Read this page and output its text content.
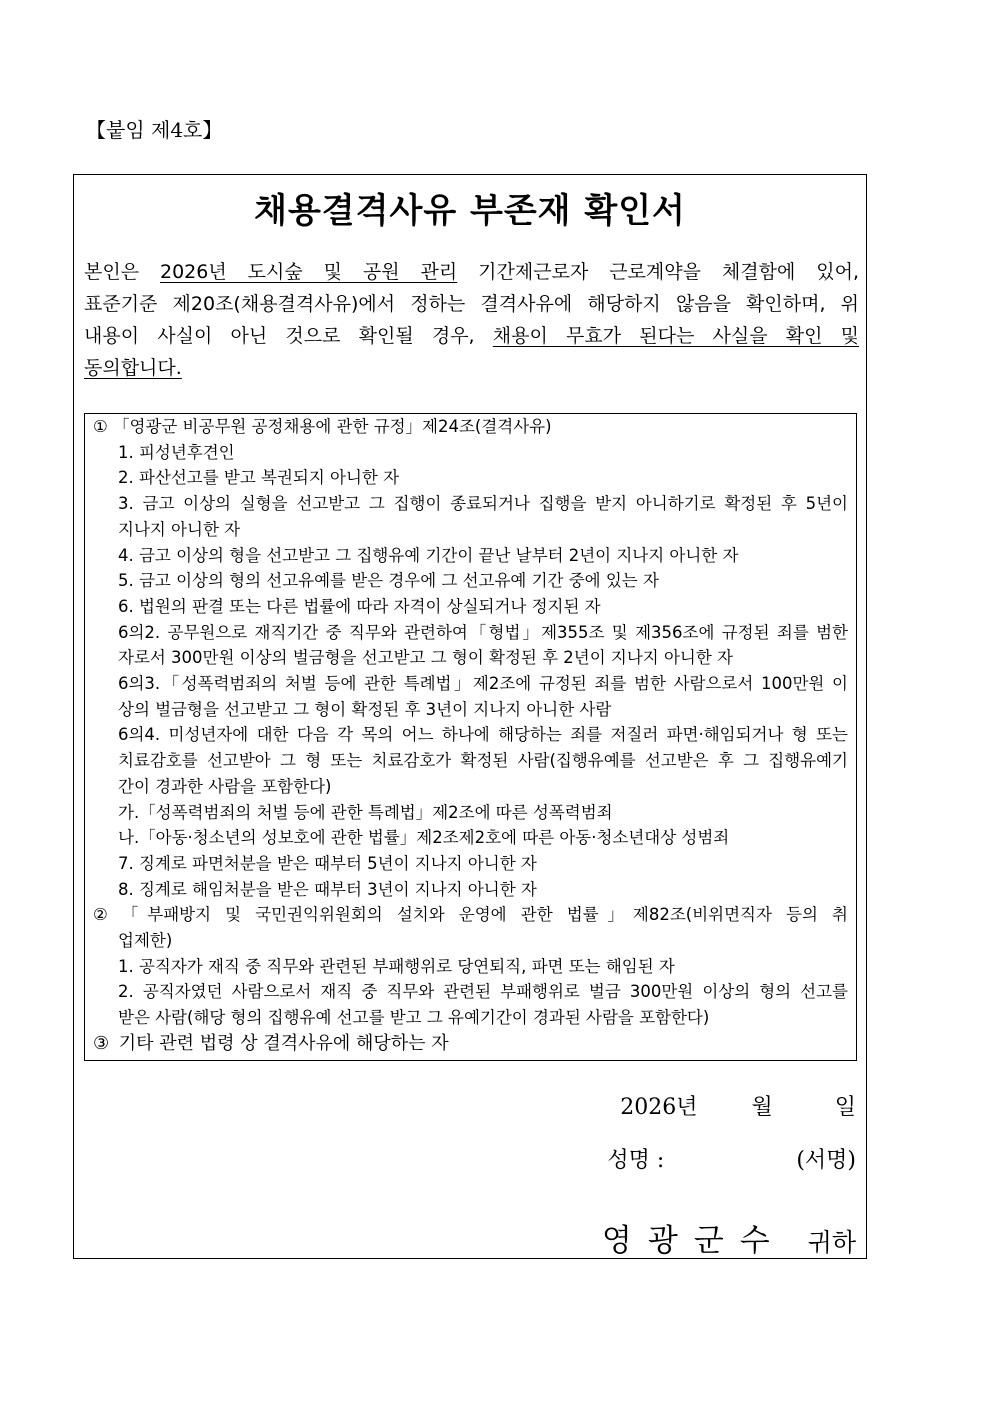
【붙임 제4호】
채용결격사유 부존재 확인서
본인은 2026년 도시숲 및 공원 관리 기간제근로자 근로계약을 체결함에 있어,
표준기준 제20조(채용결격사유)에서 정하는 결격사유에 해당하지 않음을 확인하며, 위
내용이 사실이 아닌 것으로 확인될 경우, 채용이 무효가 된다는 사실을 확인 및
동의합니다.
① 「영광군 비공무원 공정채용에 관한 규정」제24조(결격사유)
1. 피성년후견인
2. 파산선고를 받고 복권되지 아니한 자
3. 금고 이상의 실형을 선고받고 그 집행이 종료되거나 집행을 받지 아니하기로 확정된 후 5년이
지나지 아니한 자
4. 금고 이상의 형을 선고받고 그 집행유예 기간이 끝난 날부터 2년이 지나지 아니한 자
5. 금고 이상의 형의 선고유예를 받은 경우에 그 선고유예 기간 중에 있는 자
6. 법원의 판결 또는 다른 법률에 따라 자격이 상실되거나 정지된 자
6의2. 공무원으로 재직기간 중 직무와 관련하여「형법」제355조 및 제356조에 규정된 죄를 범한
자로서 300만원 이상의 벌금형을 선고받고 그 형이 확정된 후 2년이 지나지 아니한 자
6의3.「성폭력범죄의 처벌 등에 관한 특례법」제2조에 규정된 죄를 범한 사람으로서 100만원 이
상의 벌금형을 선고받고 그 형이 확정된 후 3년이 지나지 아니한 사람
6의4. 미성년자에 대한 다음 각 목의 어느 하나에 해당하는 죄를 저질러 파면·해임되거나 형 또는
치료감호를 선고받아 그 형 또는 치료감호가 확정된 사람(집행유예를 선고받은 후 그 집행유예기
간이 경과한 사람을 포함한다)
가.「성폭력범죄의 처벌 등에 관한 특례법」제2조에 따른 성폭력범죄
나.「아동·청소년의 성보호에 관한 법률」제2조제2호에 따른 아동·청소년대상 성범죄
7. 징계로 파면처분을 받은 때부터 5년이 지나지 아니한 자
8. 징계로 해임처분을 받은 때부터 3년이 지나지 아니한 자
② 「부패방지 및 국민권익위원회의 설치와 운영에 관한 법률」제82조(비위면직자 등의 취
업제한)
1. 공직자가 재직 중 직무와 관련된 부패행위로 당연퇴직, 파면 또는 해임된 자
2. 공직자였던 사람으로서 재직 중 직무와 관련된 부패행위로 벌금 300만원 이상의 형의 선고를
받은 사람(해당 형의 집행유예 선고를 받고 그 유예기간이 경과된 사람을 포함한다)
③ 기타 관련 법령 상 결격사유에 해당하는 자
2026년 월	일
성명 :	(서명)
영광군수 귀하
